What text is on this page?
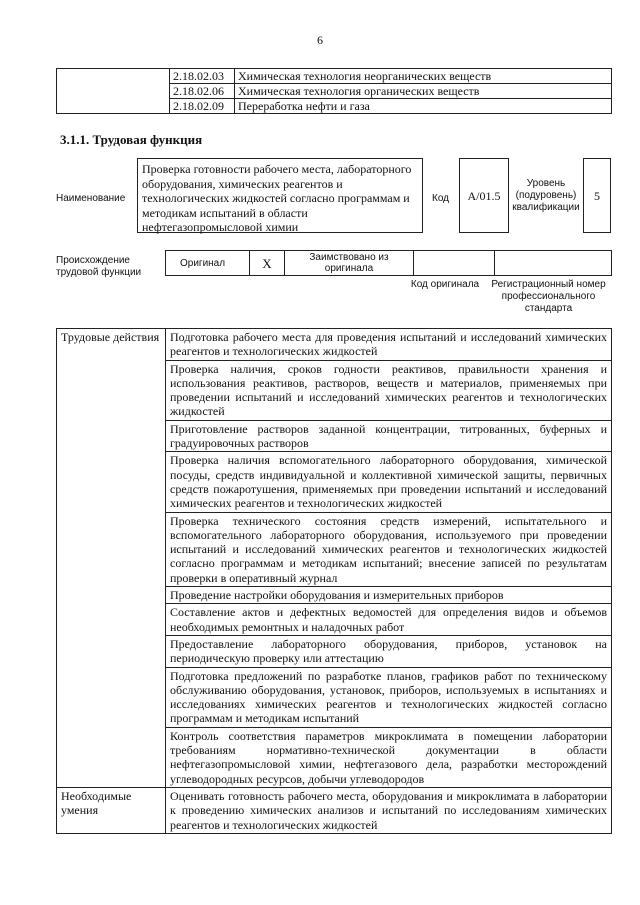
6
	2.18.02.03	Химическая технология неорганических веществ
	2.18.02.06	Химическая технология органических веществ
	2.18.02.09	Переработка нефти и газа
3.1.1. Трудовая функция
Наименование
Проверка готовности рабочего места, лабораторного оборудования, химических реагентов и технологических жидкостей согласно программам и методикам испытаний в области нефтегазопромысловой химии
Код	A/01.5
Уровень (подуровень) квалификации
5
Происхождение трудовой функции
Оригинал	X	Заимствовано из оригинала		
Код оригинала	Регистрационный номер профессионального стандарта
Трудовые действия	Подготовка рабочего места для проведения испытаний и исследований химических реагентов и технологических жидкостей
	Проверка наличия, сроков годности реактивов, правильности хранения и использования реактивов, растворов, веществ и материалов, применяемых при проведении испытаний и исследований химических реагентов и технологических жидкостей
	Приготовление растворов заданной концентрации, титрованных, буферных и градуировочных растворов
	Проверка наличия вспомогательного лабораторного оборудования, химической посуды, средств индивидуальной и коллективной химической защиты, первичных средств пожаротушения, применяемых при проведении испытаний и исследований химических реагентов и технологических жидкостей
	Проверка технического состояния средств измерений, испытательного и вспомогательного лабораторного оборудования, используемого при проведении испытаний и исследований химических реагентов и технологических жидкостей согласно программам и методикам испытаний; внесение записей по результатам проверки в оперативный журнал
	Проведение настройки оборудования и измерительных приборов
	Составление актов и дефектных ведомостей для определения видов и объемов необходимых ремонтных и наладочных работ
	Предоставление лабораторного оборудования, приборов, установок на периодическую проверку или аттестацию
	Подготовка предложений по разработке планов, графиков работ по техническому обслуживанию оборудования, установок, приборов, используемых в испытаниях и исследованиях химических реагентов и технологических жидкостей согласно программам и методикам испытаний
	Контроль соответствия параметров микроклимата в помещении лаборатории требованиям нормативно-технической документации в области нефтегазопромысловой химии, нефтегазового дела, разработки месторождений углеводородных ресурсов, добычи углеводородов
Необходимые умения	Оценивать готовность рабочего места, оборудования и микроклимата в лаборатории к проведению химических анализов и испытаний по исследованиям химических реагентов и технологических жидкостей
